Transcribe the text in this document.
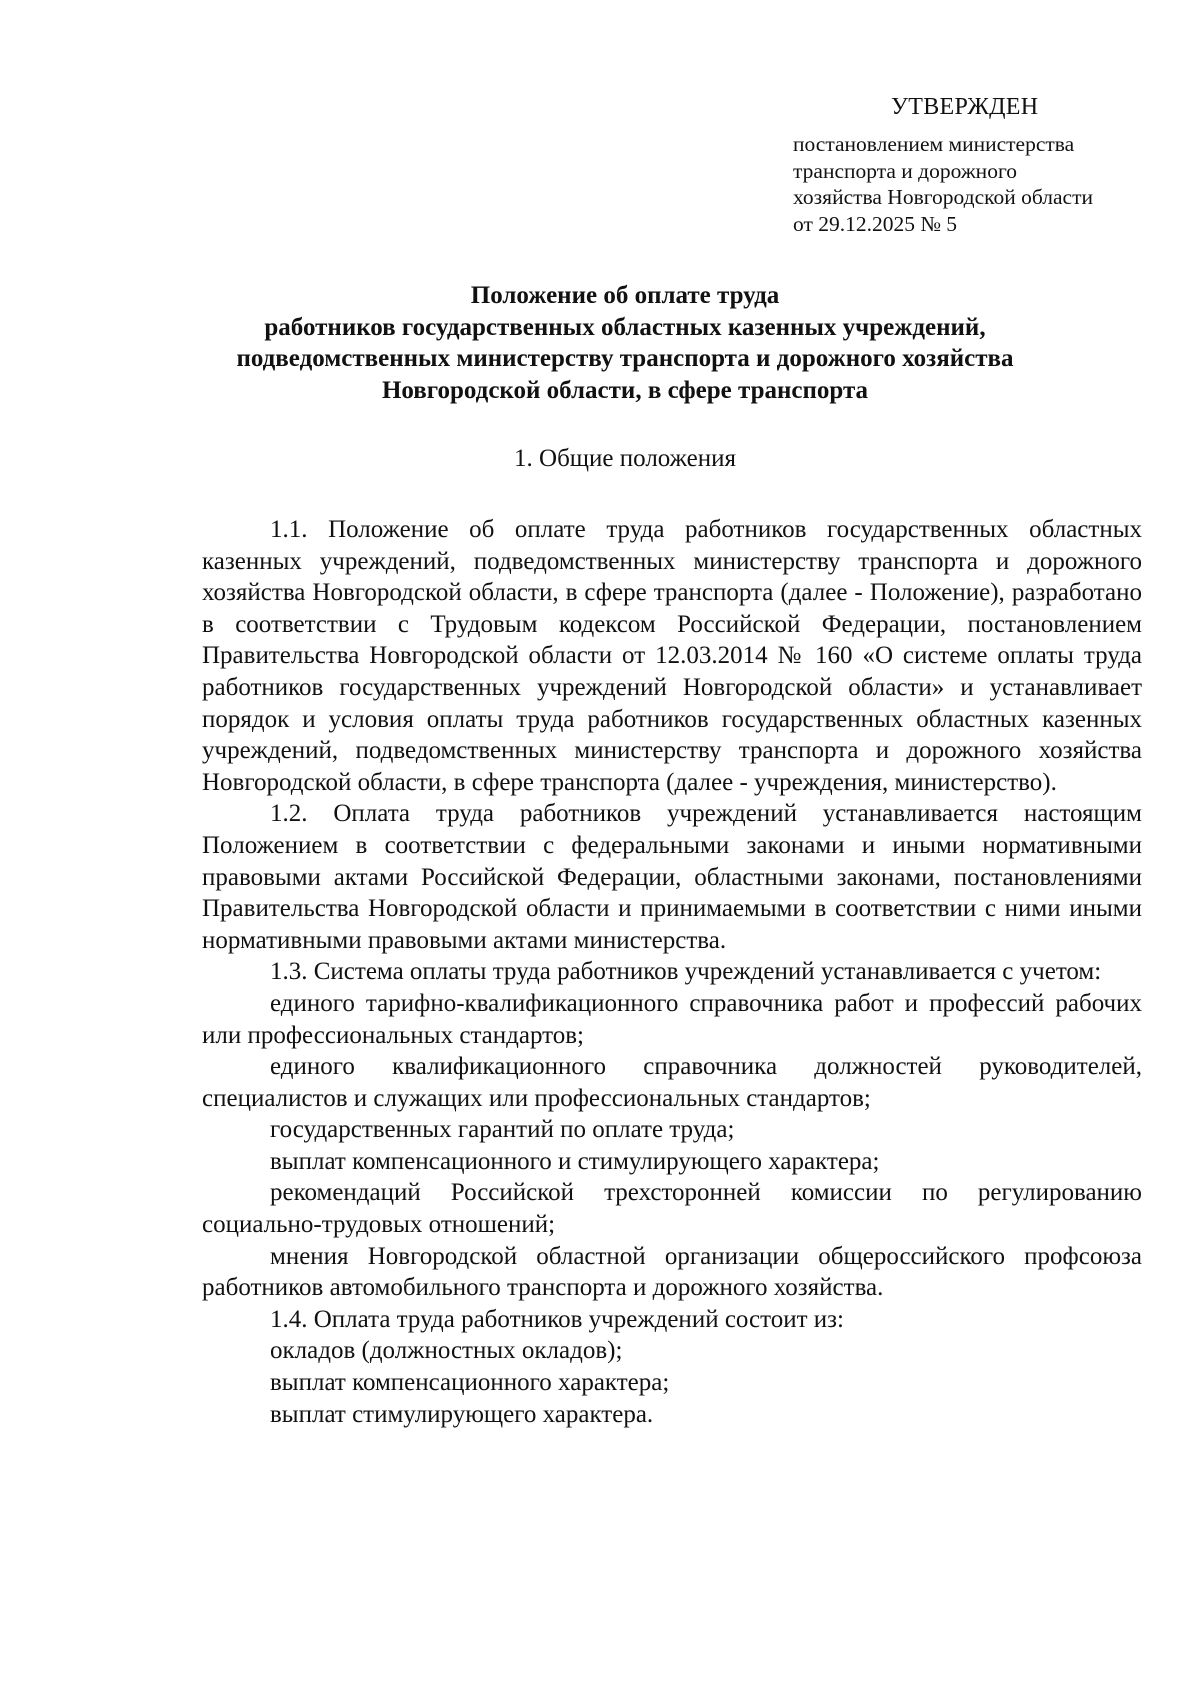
УТВЕРЖДЕН
постановлением министерства
транспорта и дорожного
хозяйства Новгородской области
от 29.12.2025 № 5
Положение об оплате труда
работников государственных областных казенных учреждений,
подведомственных министерству транспорта и дорожного хозяйства
Новгородской области, в сфере транспорта
1. Общие положения

1.1. Положение об оплате труда работников государственных областных казенных учреждений, подведомственных министерству транспорта и дорожного хозяйства Новгородской области, в сфере транспорта (далее - Положение), разработано в соответствии с Трудовым кодексом Российской Федерации, постановлением Правительства Новгородской области от 12.03.2014 № 160 «О системе оплаты труда работников государственных учреждений Новгородской области» и устанавливает порядок и условия оплаты труда работников государственных областных казенных учреждений, подведомственных министерству транспорта и дорожного хозяйства Новгородской области, в сфере транспорта (далее - учреждения, министерство).

1.2. Оплата труда работников учреждений устанавливается настоящим Положением в соответствии с федеральными законами и иными нормативными правовыми актами Российской Федерации, областными законами, постановлениями Правительства Новгородской области и принимаемыми в соответствии с ними иными нормативными правовыми актами министерства.

1.3. Система оплаты труда работников учреждений устанавливается с учетом:

единого тарифно-квалификационного справочника работ и профессий рабочих или профессиональных стандартов;

единого квалификационного справочника должностей руководителей, специалистов и служащих или профессиональных стандартов;

государственных гарантий по оплате труда;

выплат компенсационного и стимулирующего характера;

рекомендаций Российской трехсторонней комиссии по регулированию социально-трудовых отношений;

мнения Новгородской областной организации общероссийского профсоюза работников автомобильного транспорта и дорожного хозяйства.

1.4. Оплата труда работников учреждений состоит из:

окладов (должностных окладов);

выплат компенсационного характера;

выплат стимулирующего характера.
